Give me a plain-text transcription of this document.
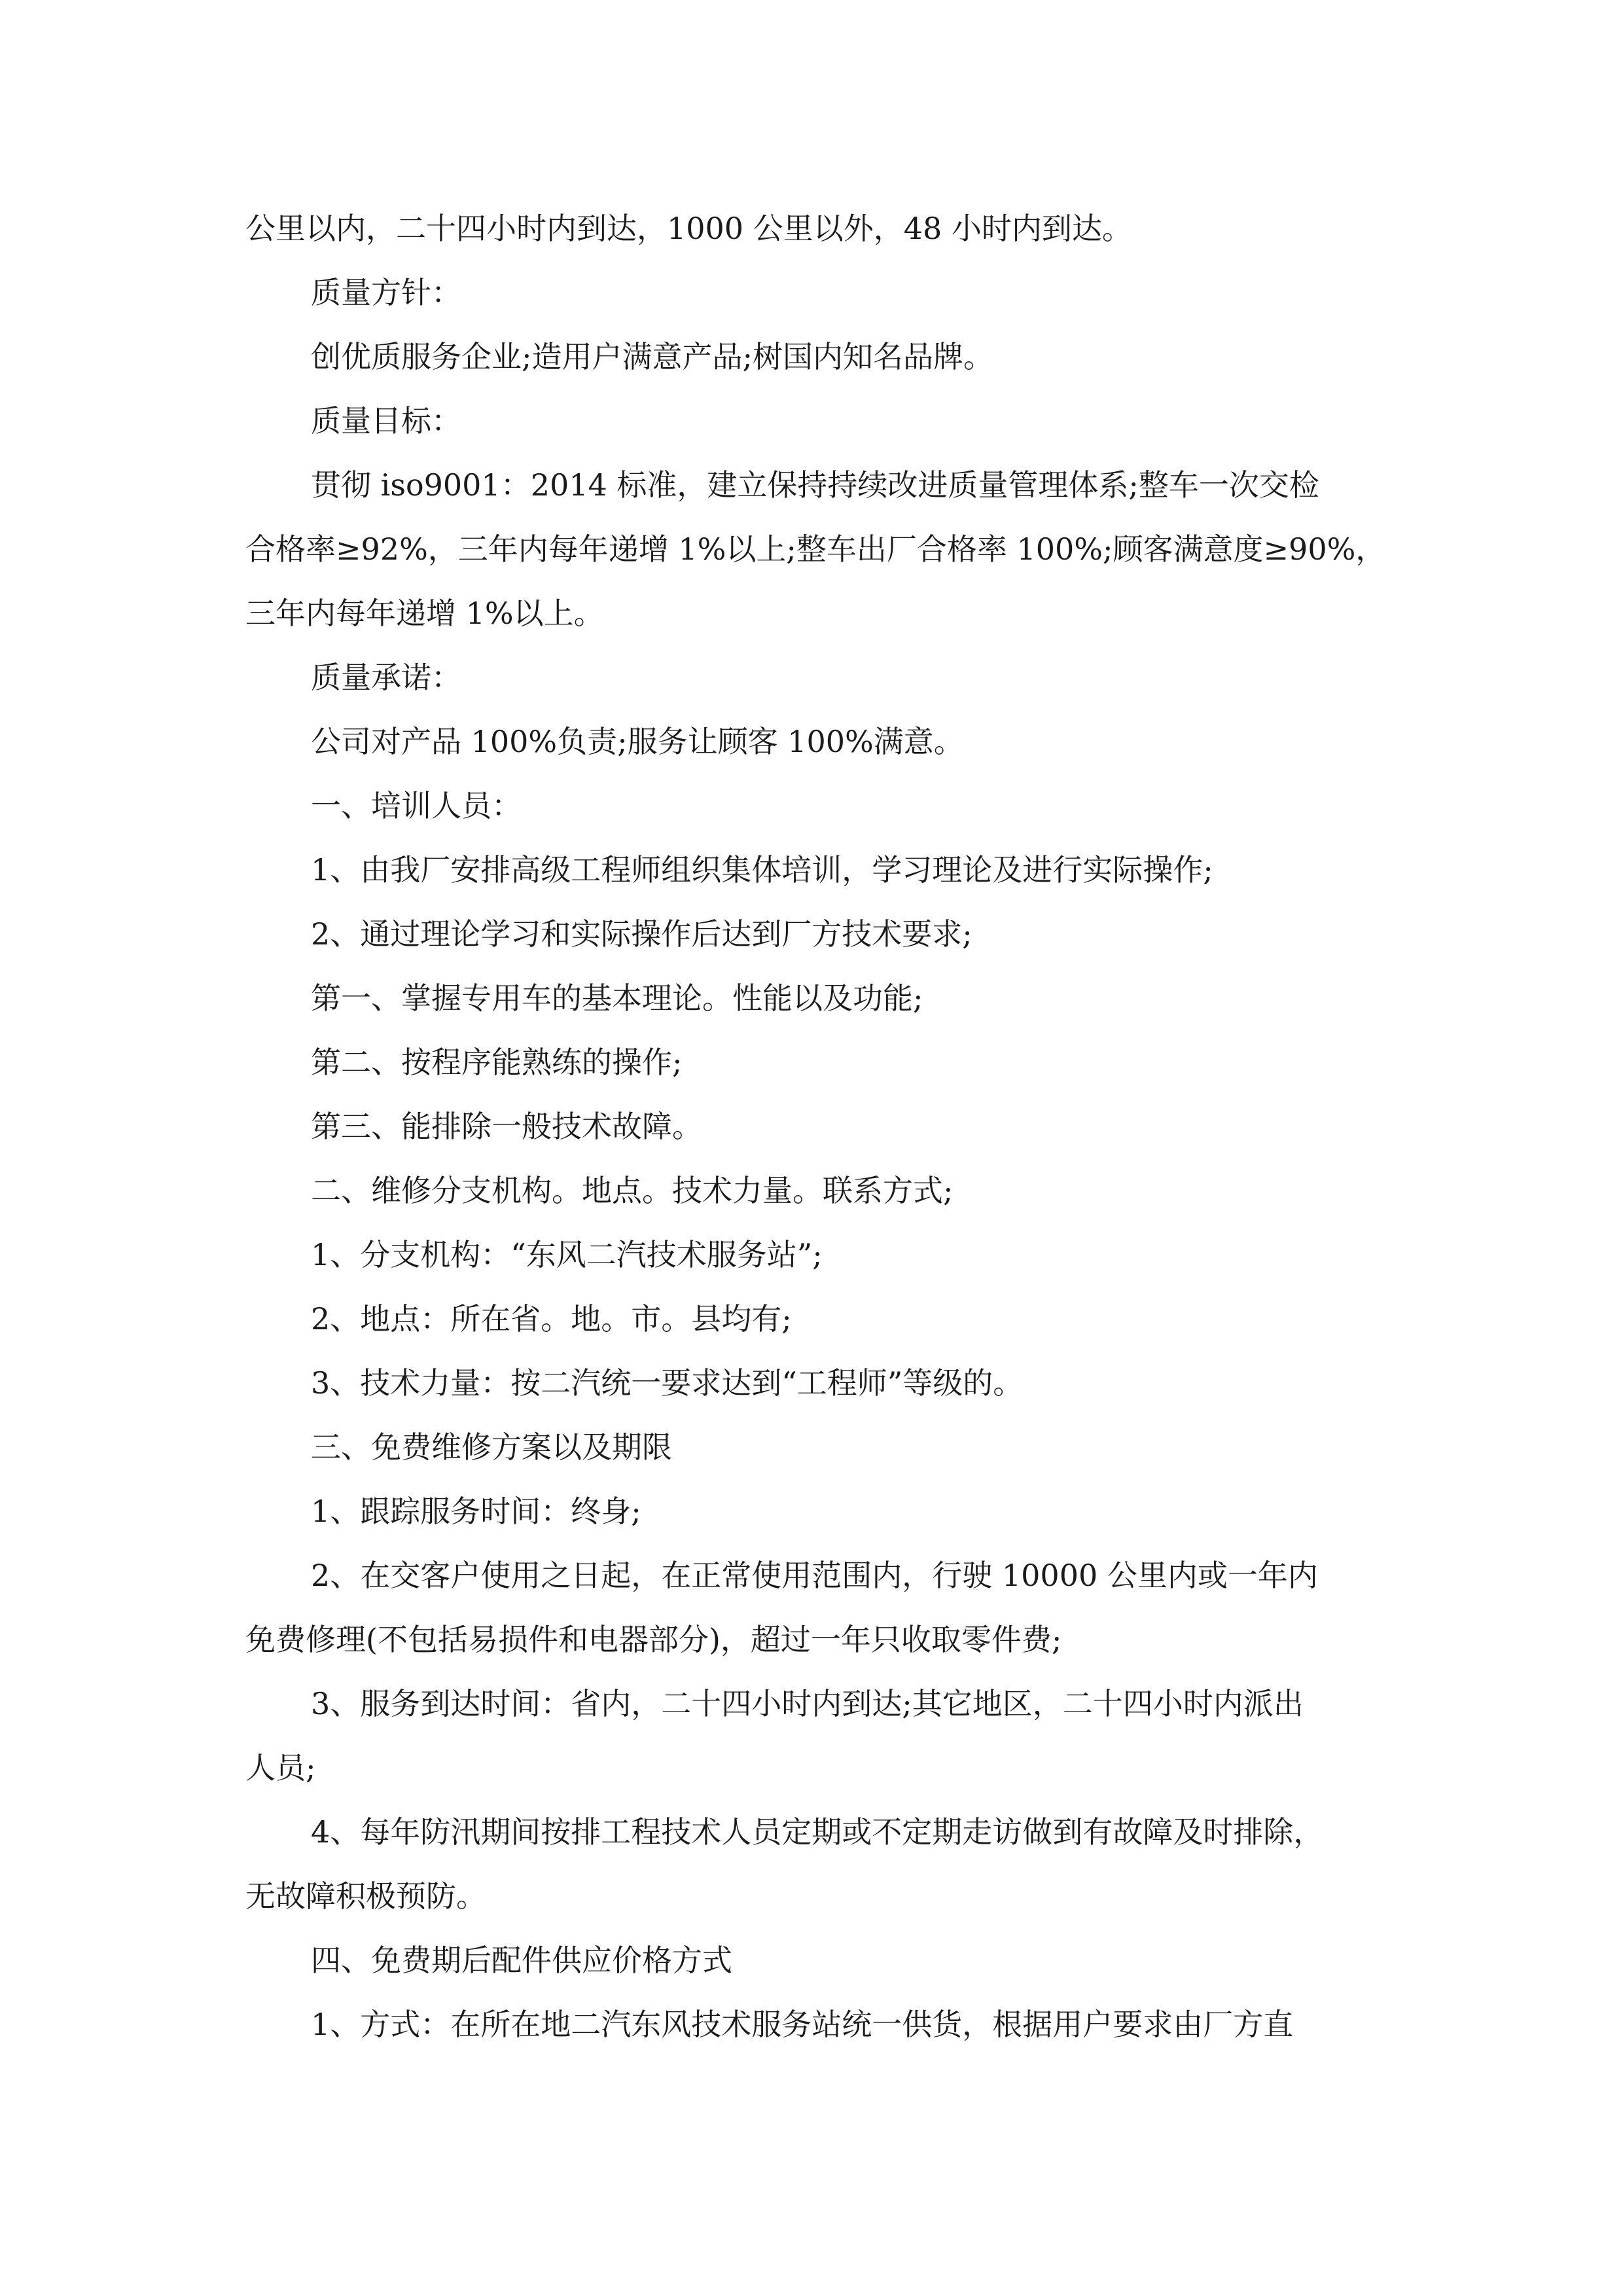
公里以内，二十四小时内到达，1000 公里以外，48 小时内到达。
质量方针：
创优质服务企业;造用户满意产品;树国内知名品牌。
质量目标：
贯彻 iso9001：2014 标准，建立保持持续改进质量管理体系;整车一次交检
合格率≥92%，三年内每年递增 1%以上;整车出厂合格率 100%;顾客满意度≥90%，
三年内每年递增 1%以上。
质量承诺：
公司对产品 100%负责;服务让顾客 100%满意。
一、培训人员：
1、由我厂安排高级工程师组织集体培训，学习理论及进行实际操作;
2、通过理论学习和实际操作后达到厂方技术要求;
第一、掌握专用车的基本理论。性能以及功能;
第二、按程序能熟练的操作;
第三、能排除一般技术故障。
二、维修分支机构。地点。技术力量。联系方式;
1、分支机构：“东风二汽技术服务站”;
2、地点：所在省。地。市。县均有;
3、技术力量：按二汽统一要求达到“工程师”等级的。
三、免费维修方案以及期限
1、跟踪服务时间：终身;
2、在交客户使用之日起，在正常使用范围内，行驶 10000 公里内或一年内
免费修理(不包括易损件和电器部分)，超过一年只收取零件费;
3、服务到达时间：省内，二十四小时内到达;其它地区，二十四小时内派出
人员;
4、每年防汛期间按排工程技术人员定期或不定期走访做到有故障及时排除，
无故障积极预防。
四、免费期后配件供应价格方式
1、方式：在所在地二汽东风技术服务站统一供货，根据用户要求由厂方直
